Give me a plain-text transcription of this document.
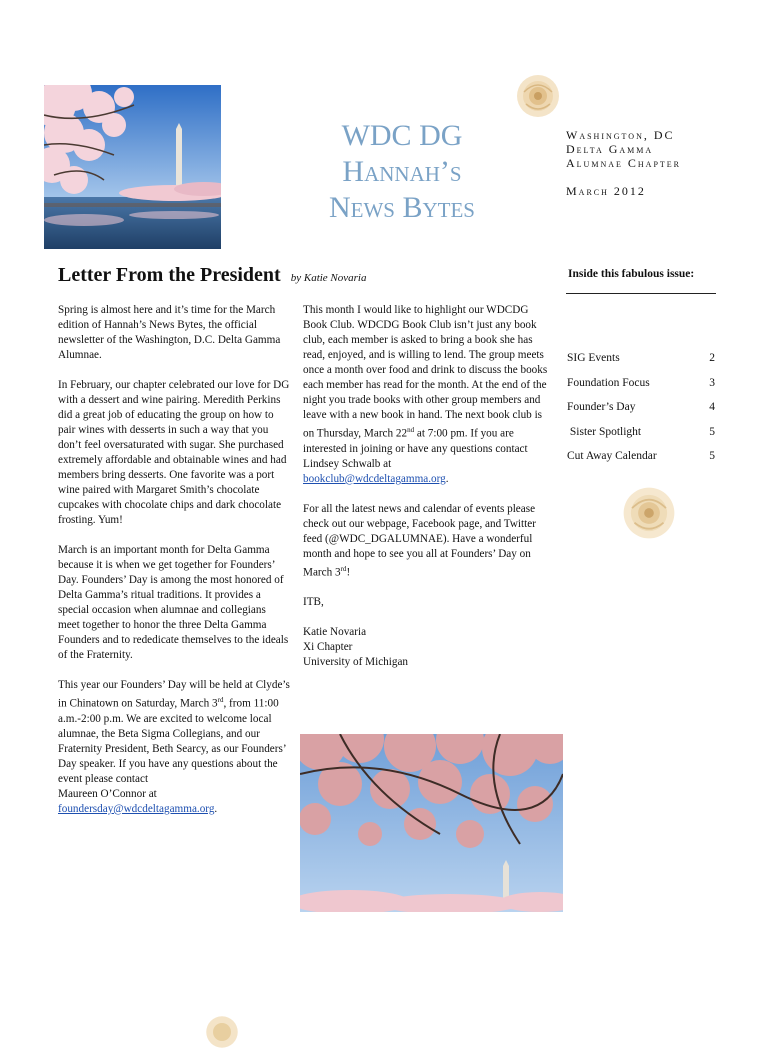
WDC DG
Hannah’s
News Bytes
Washington, DC
Delta Gamma
Alumnae Chapter
March 2012
Letter From the President by Katie Novaria

Spring is almost here and it’s time for the March edition of Hannah’s News Bytes, the official newsletter of the Washington, D.C. Delta Gamma Alumnae.

In February, our chapter celebrated our love for DG with a dessert and wine pairing. Meredith Perkins did a great job of educating the group on how to pair wines with desserts in such a way that you don’t feel oversaturated with sugar. She purchased extremely affordable and obtainable wines and had members bring desserts. One favorite was a port wine paired with Margaret Smith’s chocolate cupcakes with chocolate chips and dark chocolate frosting. Yum!

March is an important month for Delta Gamma because it is when we get together for Founders’ Day. Founders’ Day is among the most honored of Delta Gamma’s ritual traditions. It provides a special occasion when alumnae and collegians meet together to honor the three Delta Gamma Founders and to rededicate themselves to the ideals of the Fraternity.

This year our Founders’ Day will be held at Clyde’s in Chinatown on Saturday, March 3rd, from 11:00 a.m.-2:00 p.m. We are excited to welcome local alumnae, the Beta Sigma Collegians, and our Fraternity President, Beth Searcy, as our Founders’ Day speaker. If you have any questions about the event please contact

Maureen O’Connor at
foundersday@wdcdeltagamma.org.

This month I would like to highlight our WDCDG Book Club. WDCDG Book Club isn’t just any book club, each member is asked to bring a book she has read, enjoyed, and is willing to lend. The group meets once a month over food and drink to discuss the books each member has read for the month. At the end of the night you trade books with other group members and leave with a new book in hand. The next book club is on Thursday, March 22nd at 7:00 pm. If you are interested in joining or have any questions contact Lindsey Schwalb at
bookclub@wdcdeltagamma.org.

For all the latest news and calendar of events please check out our webpage, Facebook page, and Twitter feed (@WDC_DGALUMNAE). Have a wonderful month and hope to see you all at Founders’ Day on March 3rd!

ITB,

Katie Novaria
Xi Chapter
University of Michigan
Inside this fabulous issue:
SIG Events	2
Foundation Focus	3
Founder’s Day	4
Sister Spotlight	5
Cut Away Calendar	5
